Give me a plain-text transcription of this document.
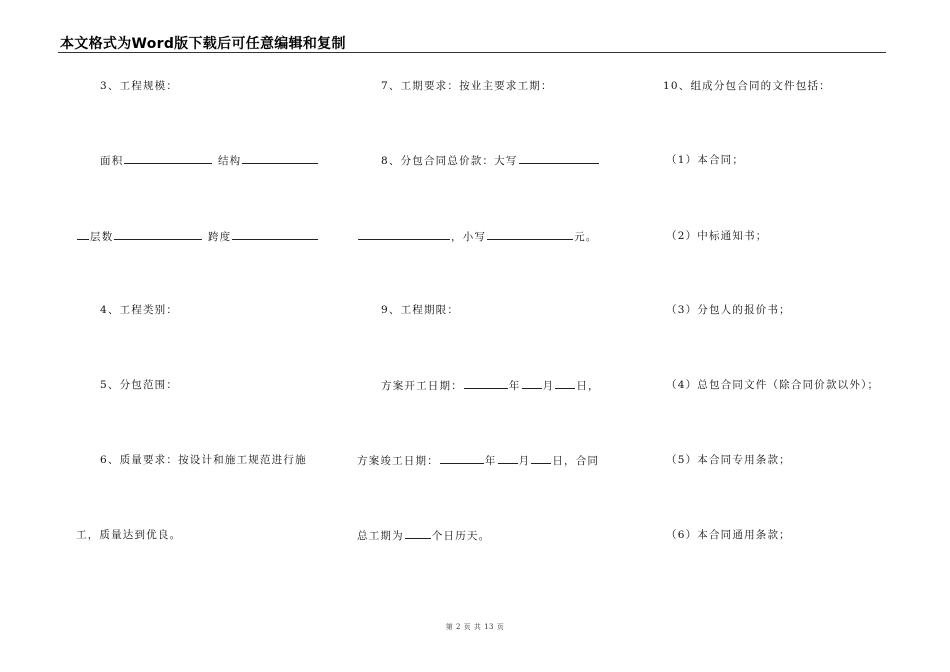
本文格式为Word版下载后可任意编辑和复制
3、工程规模：
面积	结构
层数	跨度
4、工程类别：
5、分包范围：
6、质量要求：按设计和施工规范进行施
工，质量达到优良。
7、工期要求：按业主要求工期：
8、分包合同总价款：大写
，小写	元。
9、工程期限：
方案开工日期：	年 月 日，
方案竣工日期：	年 月 日，合同
总工期为	个日历天。
10、组成分包合同的文件包括：
（1）本合同；
（2）中标通知书；
（3）分包人的报价书；
（4）总包合同文件（除合同价款以外）；
（5）本合同专用条款；
（6）本合同通用条款；
第 2 页 共 13 页
